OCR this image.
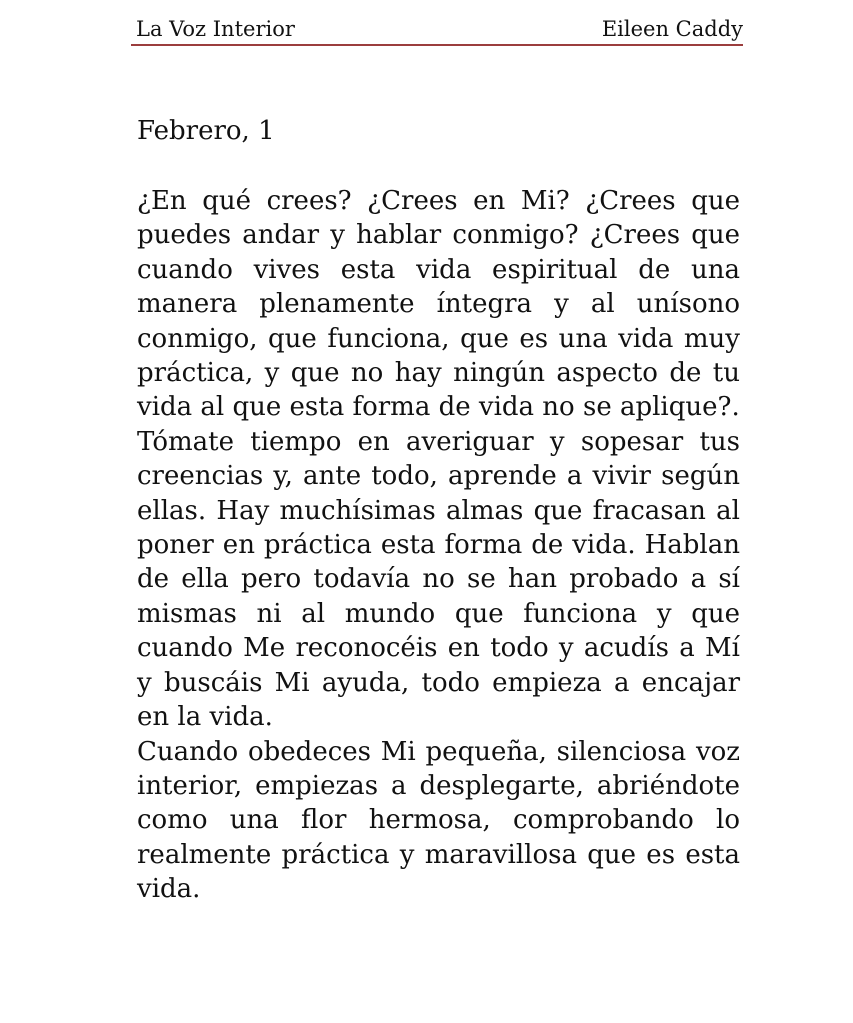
La Voz Interior	Eileen Caddy
Febrero, 1

¿En qué crees? ¿Crees en Mi? ¿Crees que puedes andar y hablar conmigo? ¿Crees que cuando vives esta vida espiritual de una manera plenamente íntegra y al unísono conmigo, que funciona, que es una vida muy práctica, y que no hay ningún aspecto de tu vida al que esta forma de vida no se aplique?.

Tómate tiempo en averiguar y sopesar tus creencias y, ante todo, aprende a vivir según ellas. Hay muchísimas almas que fracasan al poner en práctica esta forma de vida. Hablan de ella pero todavía no se han probado a sí mismas ni al mundo que funciona y que cuando Me reconocéis en todo y acudís a Mí y buscáis Mi ayuda, todo empieza a encajar en la vida.

Cuando obedeces Mi pequeña, silenciosa voz interior, empiezas a desplegarte, abriéndote como una flor hermosa, comprobando lo realmente práctica y maravillosa que es esta vida.
